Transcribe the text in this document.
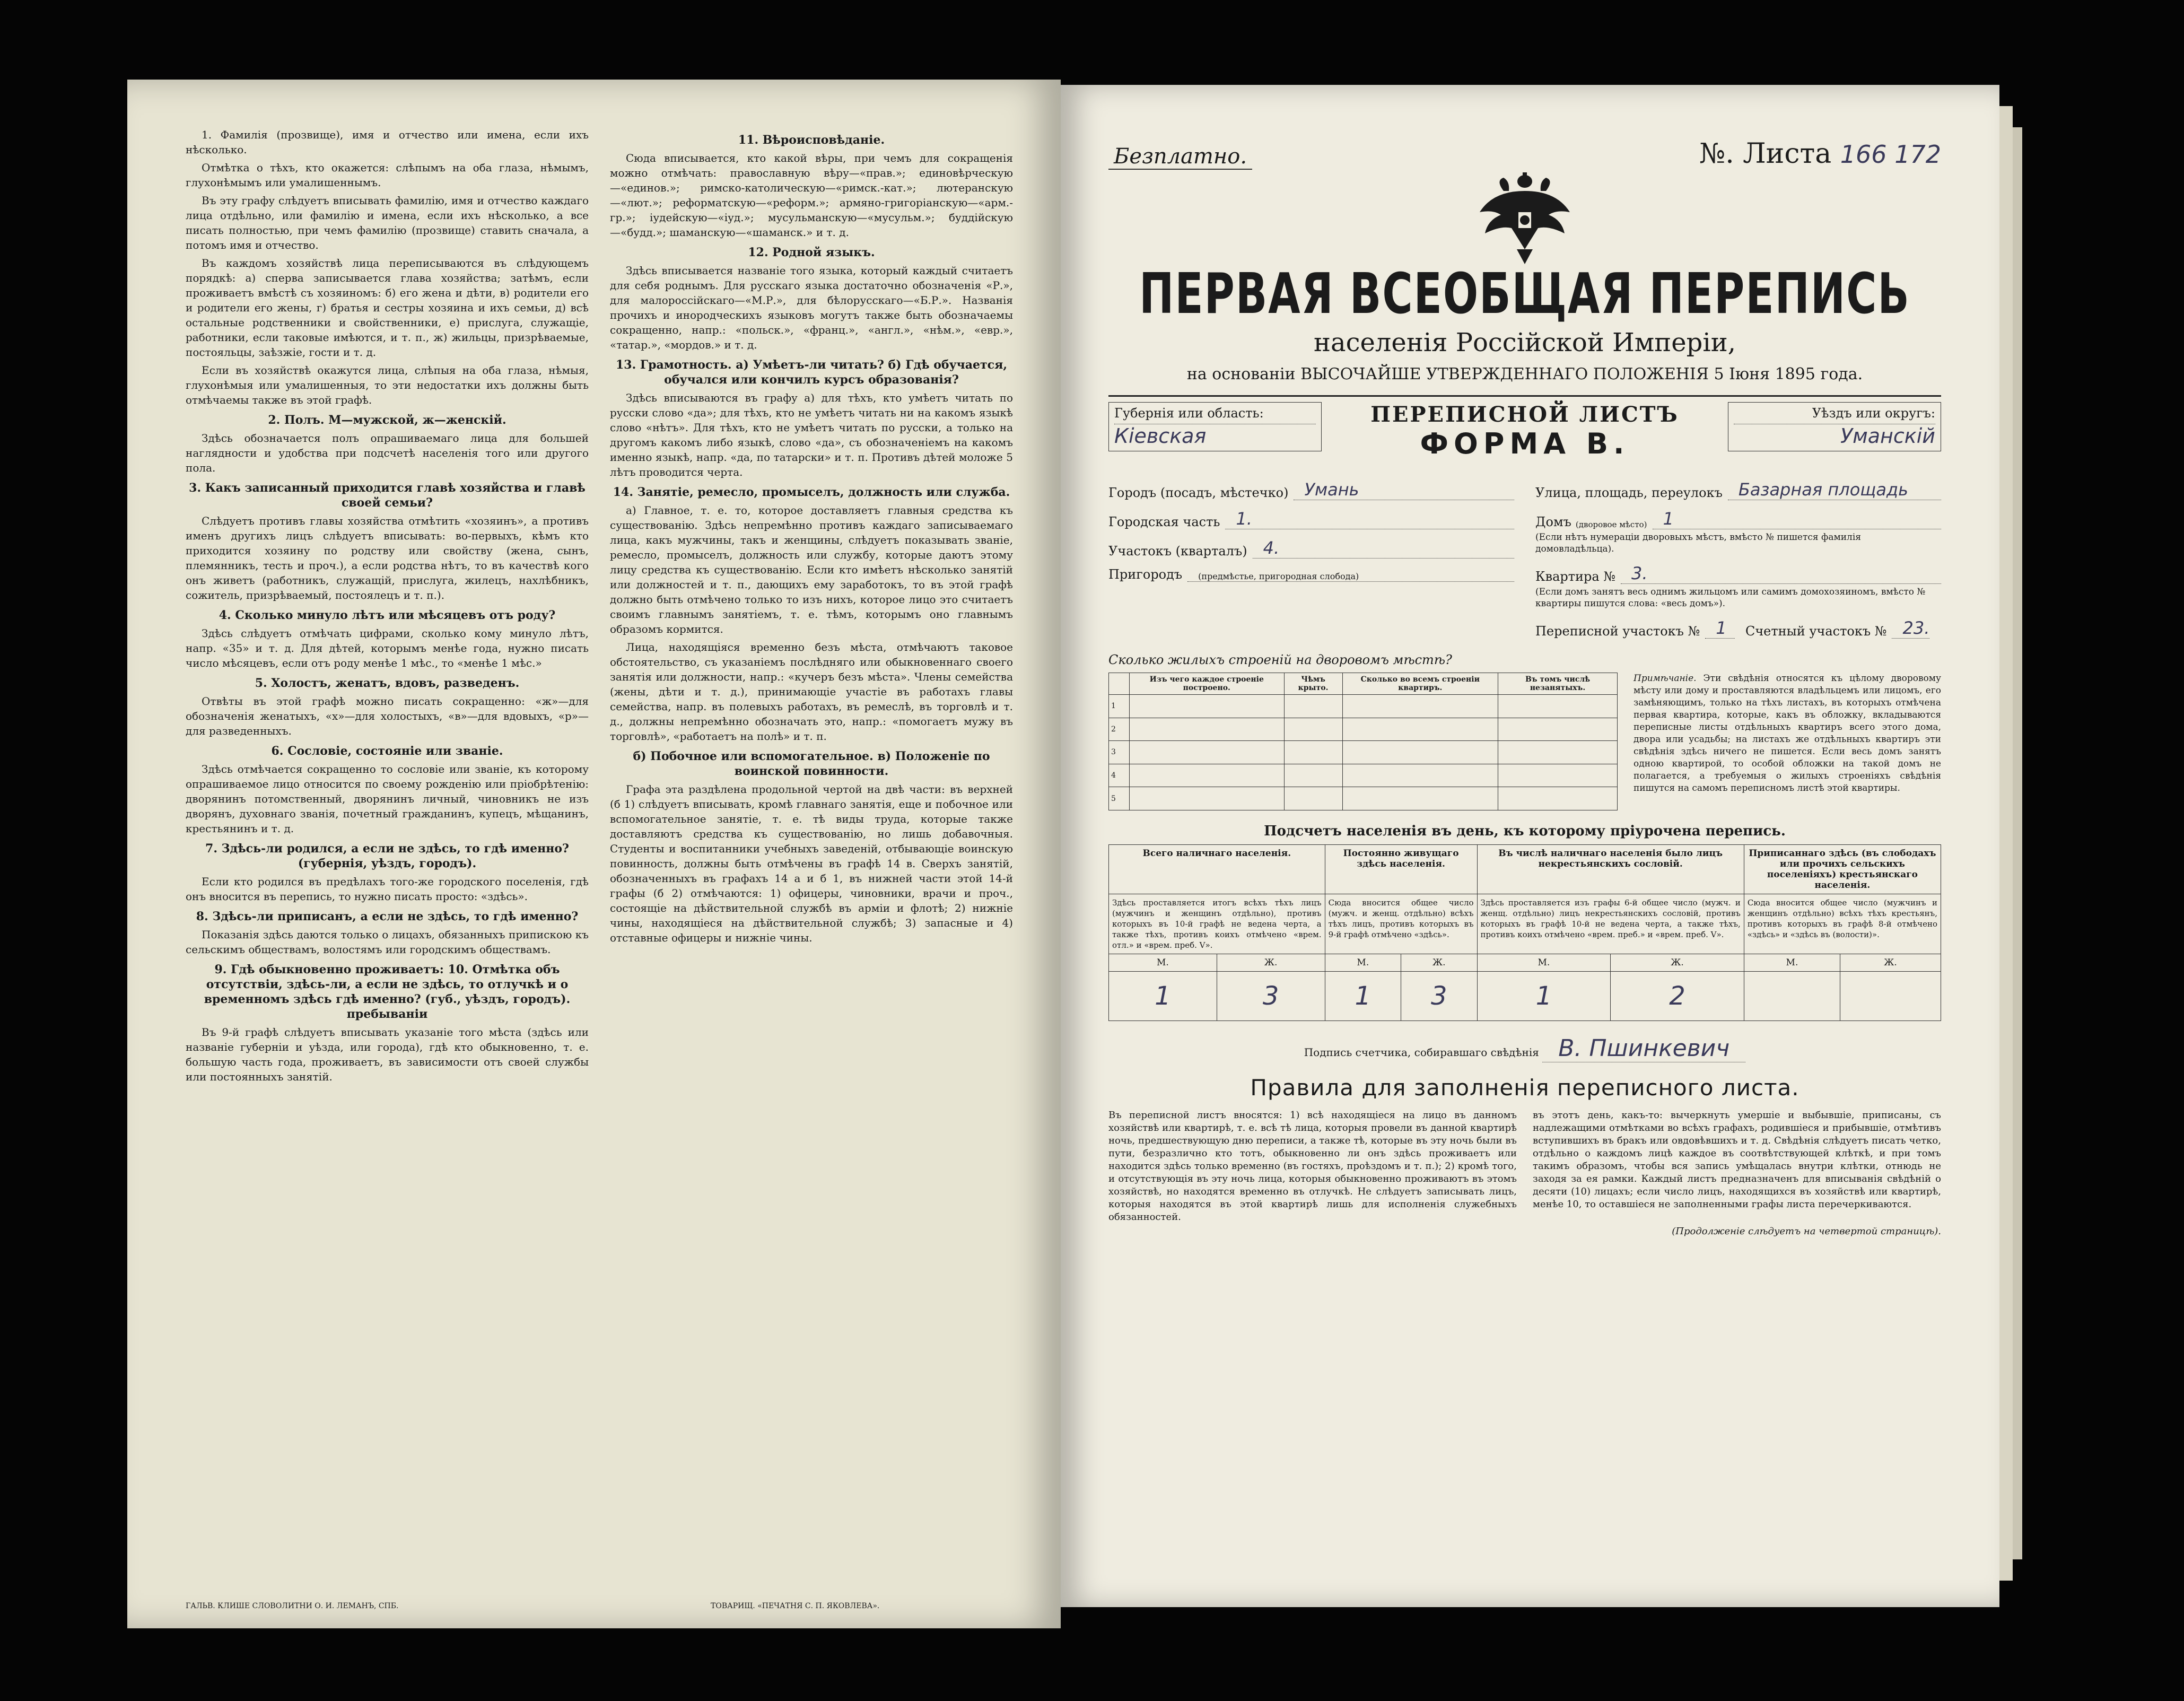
1. Фамилія (прозвище), имя и отчество или имена, если ихъ нѣсколько.

Отмѣтка о тѣхъ, кто окажется: слѣпымъ на оба глаза, нѣмымъ, глухонѣмымъ или умалишеннымъ.

Въ эту графу слѣдуетъ вписывать фамилію, имя и отчество каждаго лица отдѣльно, или фамилію и имена, если ихъ нѣсколько, а все писать полностью, при чемъ фамилію (прозвище) ставить сначала, а потомъ имя и отчество.

Въ каждомъ хозяйствѣ лица переписываются въ слѣдующемъ порядкѣ: а) сперва записывается глава хозяйства; затѣмъ, если проживаетъ вмѣстѣ съ хозяиномъ: б) его жена и дѣти, в) родители его и родители его жены, г) братья и сестры хозяина и ихъ семьи, д) всѣ остальные родственники и свойственники, е) прислуга, служащіе, работники, если таковые имѣются, и т. п., ж) жильцы, призрѣваемые, постояльцы, заѣзжіе, гости и т. д.

Если въ хозяйствѣ окажутся лица, слѣпыя на оба глаза, нѣмыя, глухонѣмыя или умалишенныя, то эти недостатки ихъ должны быть отмѣчаемы также въ этой графѣ.

2. Полъ. М—мужской, ж—женскій.

Здѣсь обозначается полъ опрашиваемаго лица для большей наглядности и удобства при подсчетѣ населенія того или другого пола.

3. Какъ записанный приходится главѣ хозяйства и главѣ своей семьи?

Слѣдуетъ противъ главы хозяйства отмѣтить «хозяинъ», а противъ именъ другихъ лицъ слѣдуетъ вписывать: во-первыхъ, кѣмъ кто приходится хозяину по родству или свойству (жена, сынъ, племянникъ, тесть и проч.), а если родства нѣтъ, то въ качествѣ кого онъ живетъ (работникъ, служащій, прислуга, жилецъ, нахлѣбникъ, сожитель, призрѣваемый, постоялецъ и т. п.).

4. Сколько минуло лѣтъ или мѣсяцевъ отъ роду?

Здѣсь слѣдуетъ отмѣчать цифрами, сколько кому минуло лѣтъ, напр. «35» и т. д. Для дѣтей, которымъ менѣе года, нужно писать число мѣсяцевъ, если отъ роду менѣе 1 мѣс., то «менѣе 1 мѣс.»

5. Холостъ, женатъ, вдовъ, разведенъ.

Отвѣты въ этой графѣ можно писать сокращенно: «ж»—для обозначенія женатыхъ, «х»—для холостыхъ, «в»—для вдовыхъ, «р»—для разведенныхъ.

6. Сословіе, состояніе или званіе.

Здѣсь отмѣчается сокращенно то сословіе или званіе, къ которому опрашиваемое лицо относится по своему рожденію или пріобрѣтенію: дворянинъ потомственный, дворянинъ личный, чиновникъ не изъ дворянъ, духовнаго званія, почетный гражданинъ, купецъ, мѣщанинъ, крестьянинъ и т. д.

7. Здѣсь-ли родился, а если не здѣсь, то гдѣ именно? (губернія, уѣздъ, городъ).

Если кто родился въ предѣлахъ того-же городского поселенія, гдѣ онъ вносится въ перепись, то нужно писать просто: «здѣсь».

8. Здѣсь-ли приписанъ, а если не здѣсь, то гдѣ именно?

Показанія здѣсь даются только о лицахъ, обязанныхъ припискою къ сельскимъ обществамъ, волостямъ или городскимъ обществамъ.

9. Гдѣ обыкновенно проживаетъ: 10. Отмѣтка объ отсутствіи, здѣсь-ли, а если не здѣсь, то отлучкѣ и о временномъ здѣсь гдѣ именно? (губ., уѣздъ, городъ). пребываніи

Въ 9-й графѣ слѣдуетъ вписывать указаніе того мѣста (здѣсь или названіе губерніи и уѣзда, или города), гдѣ кто обыкновенно, т. е. большую часть года, проживаетъ, въ зависимости отъ своей службы или постоянныхъ занятій.

11. Вѣроисповѣданіе.

Сюда вписывается, кто какой вѣры, при чемъ для сокращенія можно отмѣчать: православную вѣру—«прав.»; единовѣрческую—«единов.»; римско-католическую—«римск.-кат.»; лютеранскую—«лют.»; реформатскую—«реформ.»; армяно-григоріанскую—«арм.-гр.»; іудейскую—«іуд.»; мусульманскую—«мусульм.»; буддійскую—«будд.»; шаманскую—«шаманск.» и т. д.

12. Родной языкъ.

Здѣсь вписывается названіе того языка, который каждый считаетъ для себя роднымъ. Для русскаго языка достаточно обозначенія «Р.», для малороссійскаго—«М.Р.», для бѣлорусскаго—«Б.Р.». Названія прочихъ и инородческихъ языковъ могутъ также быть обозначаемы сокращенно, напр.: «польск.», «франц.», «англ.», «нѣм.», «евр.», «татар.», «мордов.» и т. д.

13. Грамотность. а) Умѣетъ-ли читать? б) Гдѣ обучается, обучался или кончилъ курсъ образованія?

Здѣсь вписываются въ графу а) для тѣхъ, кто умѣетъ читать по русски слово «да»; для тѣхъ, кто не умѣетъ читать ни на какомъ языкѣ слово «нѣтъ». Для тѣхъ, кто не умѣетъ читать по русски, а только на другомъ какомъ либо языкѣ, слово «да», съ обозначеніемъ на какомъ именно языкѣ, напр. «да, по татарски» и т. п. Противъ дѣтей моложе 5 лѣтъ проводится черта.

14. Занятіе, ремесло, промыселъ, должность или служба.

а) Главное, т. е. то, которое доставляетъ главныя средства къ существованію. Здѣсь непремѣнно противъ каждаго записываемаго лица, какъ мужчины, такъ и женщины, слѣдуетъ показывать званіе, ремесло, промыселъ, должность или службу, которые даютъ этому лицу средства къ существованію. Если кто имѣетъ нѣсколько занятій или должностей и т. п., дающихъ ему заработокъ, то въ этой графѣ должно быть отмѣчено только то изъ нихъ, которое лицо это считаетъ своимъ главнымъ занятіемъ, т. е. тѣмъ, которымъ оно главнымъ образомъ кормится.

Лица, находящіяся временно безъ мѣста, отмѣчаютъ таковое обстоятельство, съ указаніемъ послѣдняго или обыкновеннаго своего занятія или должности, напр.: «кучеръ безъ мѣста». Члены семейства (жены, дѣти и т. д.), принимающіе участіе въ работахъ главы семейства, напр. въ полевыхъ работахъ, въ ремеслѣ, въ торговлѣ и т. д., должны непремѣнно обозначать это, напр.: «помогаетъ мужу въ торговлѣ», «работаетъ на полѣ» и т. п.

б) Побочное или вспомогательное. в) Положеніе по воинской повинности.

Графа эта раздѣлена продольной чертой на двѣ части: въ верхней (б 1) слѣдуетъ вписывать, кромѣ главнаго занятія, еще и побочное или вспомогательное занятіе, т. е. тѣ виды труда, которые также доставляютъ средства къ существованію, но лишь добавочныя. Студенты и воспитанники учебныхъ заведеній, отбывающіе воинскую повинность, должны быть отмѣчены въ графѣ 14 в. Сверхъ занятій, обозначенныхъ въ графахъ 14 а и б 1, въ нижней части этой 14-й графы (б 2) отмѣчаются: 1) офицеры, чиновники, врачи и проч., состоящіе на дѣйствительной службѣ въ арміи и флотѣ; 2) нижніе чины, находящіеся на дѣйствительной службѣ; 3) запасные и 4) отставные офицеры и нижніе чины.

ГАЛЬВ. КЛИШЕ СЛОВОЛИТНИ О. И. ЛЕМАНЪ, СПБ.	ТОВАРИЩ. «ПЕЧАТНЯ С. П. ЯКОВЛЕВА».
Безплатно.	№. Листа 166 172
ПЕРВАЯ ВСЕОБЩАЯ ПЕРЕПИСЬ
населенія Россійской Имперіи,
на основаніи ВЫСОЧАЙШЕ УТВЕРЖДЕННАГО ПОЛОЖЕНІЯ 5 Іюня 1895 года.
Губернія или область:
Кіевская
ПЕРЕПИСНОЙ ЛИСТЪ
ФОРМА В.
Уѣздъ или округъ:
Уманскій
Городъ (посадъ, мѣстечко) Умань
Городская часть 1.
Участокъ (кварталъ) 4.
Пригородъ	(предмѣстье, пригородная слобода)
Улица, площадь, переулокъ Базарная площадь
Домъ (дворовое мѣсто) 1
(Если нѣтъ нумераціи дворовыхъ мѣстъ, вмѣсто № пишется фамилія домовладѣльца).
Квартира № 3.
(Если домъ занятъ весь однимъ жильцомъ или самимъ домохозяиномъ, вмѣсто № квартиры пишутся слова: «весь домъ»).
Переписной участокъ № 1	Счетный участокъ № 23.
Сколько жилыхъ строеній на дворовомъ мѣстѣ?
	Изъ чего каждое строеніе построено.	Чѣмъ крыто.	Сколько во всемъ строеніи квартиръ.	Въ томъ числѣ незанятыхъ.
1				
2				
3				
4				
5				
Примѣчаніе. Эти свѣдѣнія относятся къ цѣлому дворовому мѣсту или дому и проставляются владѣльцемъ или лицомъ, его замѣняющимъ, только на тѣхъ листахъ, въ которыхъ отмѣчена первая квартира, которые, какъ въ обложку, вкладываются переписные листы отдѣльныхъ квартиръ всего этого дома, двора или усадьбы; на листахъ же отдѣльныхъ квартиръ эти свѣдѣнія здѣсь ничего не пишется. Если весь домъ занятъ одною квартирой, то особой обложки на такой домъ не полагается, а требуемыя о жилыхъ строеніяхъ свѣдѣнія пишутся на самомъ переписномъ листѣ этой квартиры.
Подсчетъ населенія въ день, къ которому пріурочена перепись.
Всего наличнаго населенія.		Постоянно живущаго здѣсь населенія.		Въ числѣ наличнаго населенія было лицъ некрестьянскихъ сословій.		Приписаннаго здѣсь (въ слободахъ или прочихъ сельскихъ поселеніяхъ) крестьянскаго населенія.	
Здѣсь проставляется итогъ всѣхъ тѣхъ лицъ (мужчинъ и женщинъ отдѣльно), противъ которыхъ въ 10-й графѣ не ведена черта, а также тѣхъ, противъ коихъ отмѣчено «врем. отл.» и «врем. преб. V».		Сюда вносится общее число (мужч. и женщ. отдѣльно) всѣхъ тѣхъ лицъ, противъ которыхъ въ 9-й графѣ отмѣчено «здѣсь».		Здѣсь проставляется изъ графы 6-й общее число (мужч. и женщ. отдѣльно) лицъ некрестьянскихъ сословій, противъ которыхъ въ графѣ 10-й не ведена черта, а также тѣхъ, противъ коихъ отмѣчено «врем. преб.» и «врем. преб. V».		Сюда вносится общее число (мужчинъ и женщинъ отдѣльно) всѣхъ тѣхъ крестьянъ, противъ которыхъ въ графѣ 8-й отмѣчено «здѣсь» и «здѣсь въ (волости)».	
М.	Ж.	М.	Ж.	М.	Ж.	М.	Ж.
1	3	1	3	1	2		
Подпись счетчика, собиравшаго свѣдѣнія В. Пшинкевич
Правила для заполненія переписного листа.
Въ переписной листъ вносятся: 1) всѣ находящіеся на лицо въ данномъ хозяйствѣ или квартирѣ, т. е. всѣ тѣ лица, которыя провели въ данной квартирѣ ночь, предшествующую дню переписи, а также тѣ, которые въ эту ночь были въ пути, безразлично кто тотъ, обыкновенно ли онъ здѣсь проживаетъ или находится здѣсь только временно (въ гостяхъ, проѣздомъ и т. п.); 2) кромѣ того, и отсутствующія въ эту ночь лица, которыя обыкновенно проживаютъ въ этомъ хозяйствѣ, но находятся временно въ отлучкѣ. Не слѣдуетъ записывать лицъ, которыя находятся въ этой квартирѣ лишь для исполненія служебныхъ обязанностей.
въ этотъ день, какъ-то: вычеркнуть умершіе и выбывшіе, приписаны, съ надлежащими отмѣтками во всѣхъ графахъ, родившіеся и прибывшіе, отмѣтивъ вступившихъ въ бракъ или овдовѣвшихъ и т. д. Свѣдѣнія слѣдуетъ писать четко, отдѣльно о каждомъ лицѣ каждое въ соотвѣтствующей клѣткѣ, и при томъ такимъ образомъ, чтобы вся запись умѣщалась внутри клѣтки, отнюдь не заходя за ея рамки. Каждый листъ предназначенъ для вписыванія свѣдѣній о десяти (10) лицахъ; если число лицъ, находящихся въ хозяйствѣ или квартирѣ, менѣе 10, то оставшіеся не заполненными графы листа перечеркиваются.
(Продолженіе слѣдуетъ на четвертой страницѣ).
